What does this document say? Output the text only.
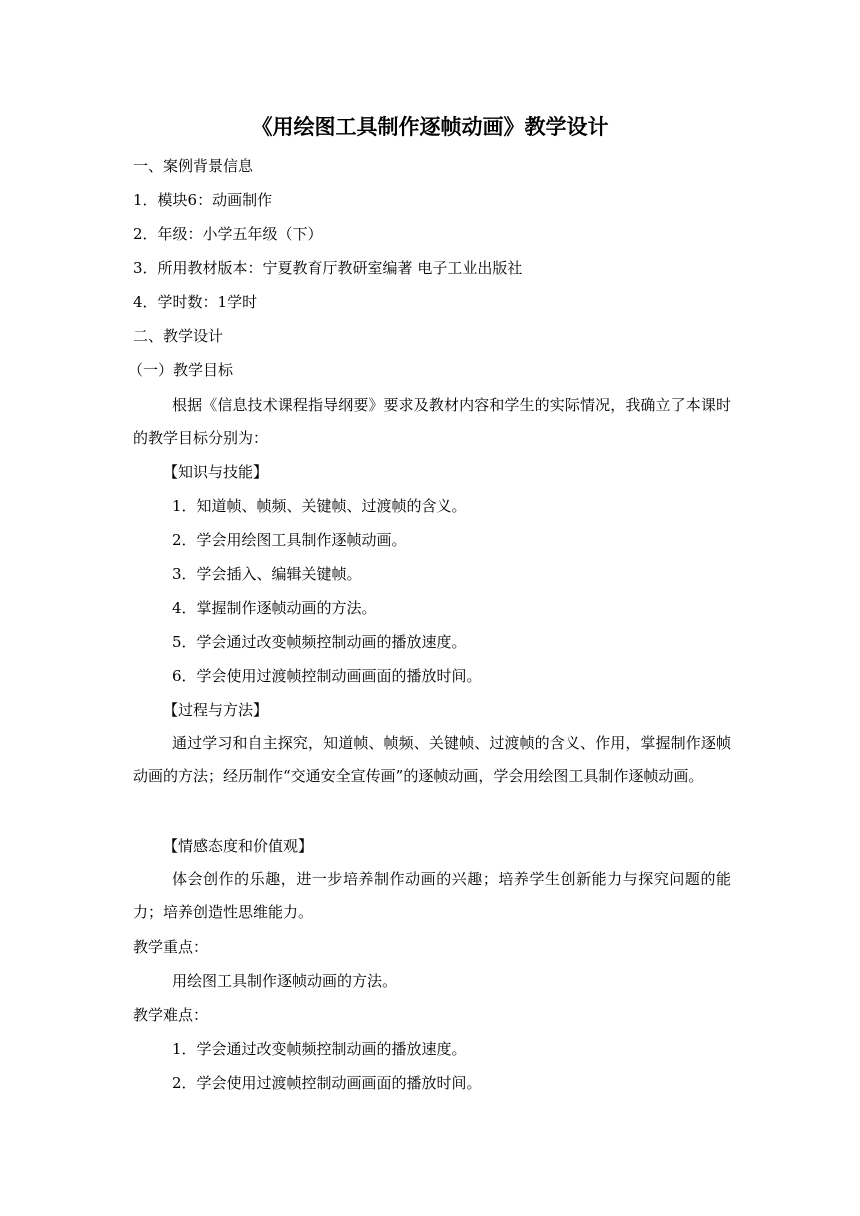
《用绘图工具制作逐帧动画》教学设计
一、案例背景信息
1．模块6：动画制作
2．年级：小学五年级（下）
3．所用教材版本：宁夏教育厅教研室编著 电子工业出版社
4．学时数：1学时
二、教学设计
（一）教学目标
根据《信息技术课程指导纲要》要求及教材内容和学生的实际情况，我确立了本课时的教学目标分别为：
【知识与技能】
1．知道帧、帧频、关键帧、过渡帧的含义。
2．学会用绘图工具制作逐帧动画。
3．学会插入、编辑关键帧。
4．掌握制作逐帧动画的方法。
5．学会通过改变帧频控制动画的播放速度。
6．学会使用过渡帧控制动画画面的播放时间。
【过程与方法】
通过学习和自主探究，知道帧、帧频、关键帧、过渡帧的含义、作用，掌握制作逐帧动画的方法；经历制作“交通安全宣传画”的逐帧动画，学会用绘图工具制作逐帧动画。
【情感态度和价值观】
体会创作的乐趣，进一步培养制作动画的兴趣；培养学生创新能力与探究问题的能力；培养创造性思维能力。
教学重点：
用绘图工具制作逐帧动画的方法。
教学难点：
1．学会通过改变帧频控制动画的播放速度。
2．学会使用过渡帧控制动画画面的播放时间。
